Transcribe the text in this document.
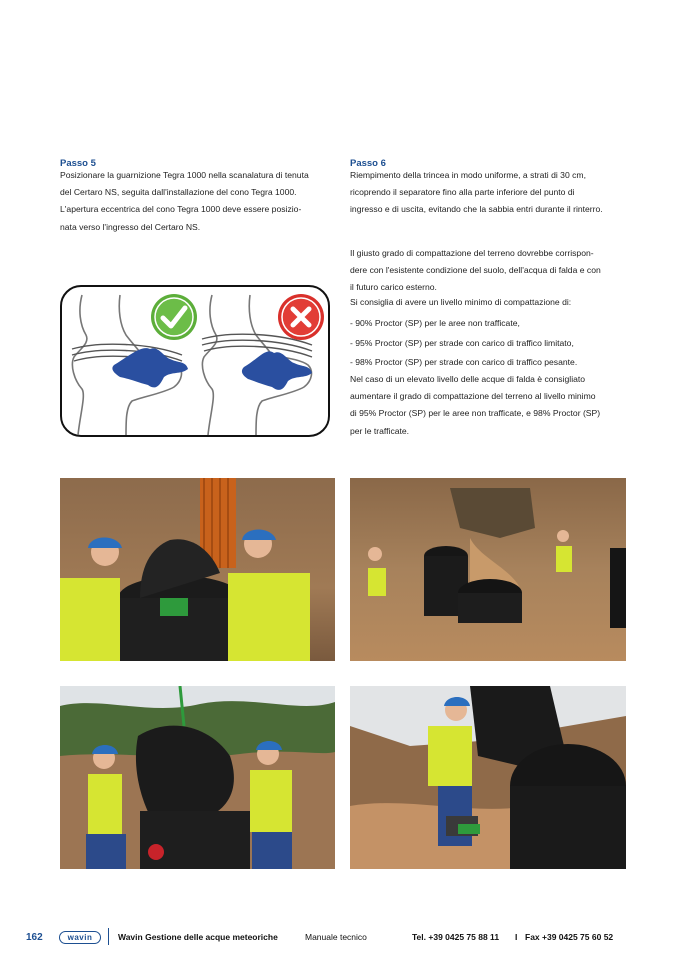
Passo 5
Posizionare la guarnizione Tegra 1000 nella scanalatura di tenuta
del Certaro NS, seguita dall'installazione del cono Tegra 1000.
L'apertura eccentrica del cono Tegra 1000 deve essere posizio-
nata verso l'ingresso del Certaro NS.
Passo 6
Riempimento della trincea in modo uniforme, a strati di 30 cm,
ricoprendo il separatore fino alla parte inferiore del punto di
ingresso e di uscita, evitando che la sabbia entri durante il rinterro.
Il giusto grado di compattazione del terreno dovrebbe corrispon-
dere con l'esistente condizione del suolo, dell'acqua di falda e con
il futuro carico esterno.
Si consiglia di avere un livello minimo di compattazione di:
- 90% Proctor (SP) per le aree non trafficate,
- 95% Proctor (SP) per strade con carico di traffico limitato,
- 98% Proctor (SP) per strade con carico di traffico pesante.
Nel caso di un elevato livello delle acque di falda è consigliato
aumentare il grado di compattazione del terreno al livello minimo
di 95% Proctor (SP) per le aree non trafficate, e 98% Proctor (SP)
per le trafficate.
162	wavin	Wavin Gestione delle acque meteoriche	Manuale tecnico	Tel. +39 0425 75 88 11 I Fax +39 0425 75 60 52
